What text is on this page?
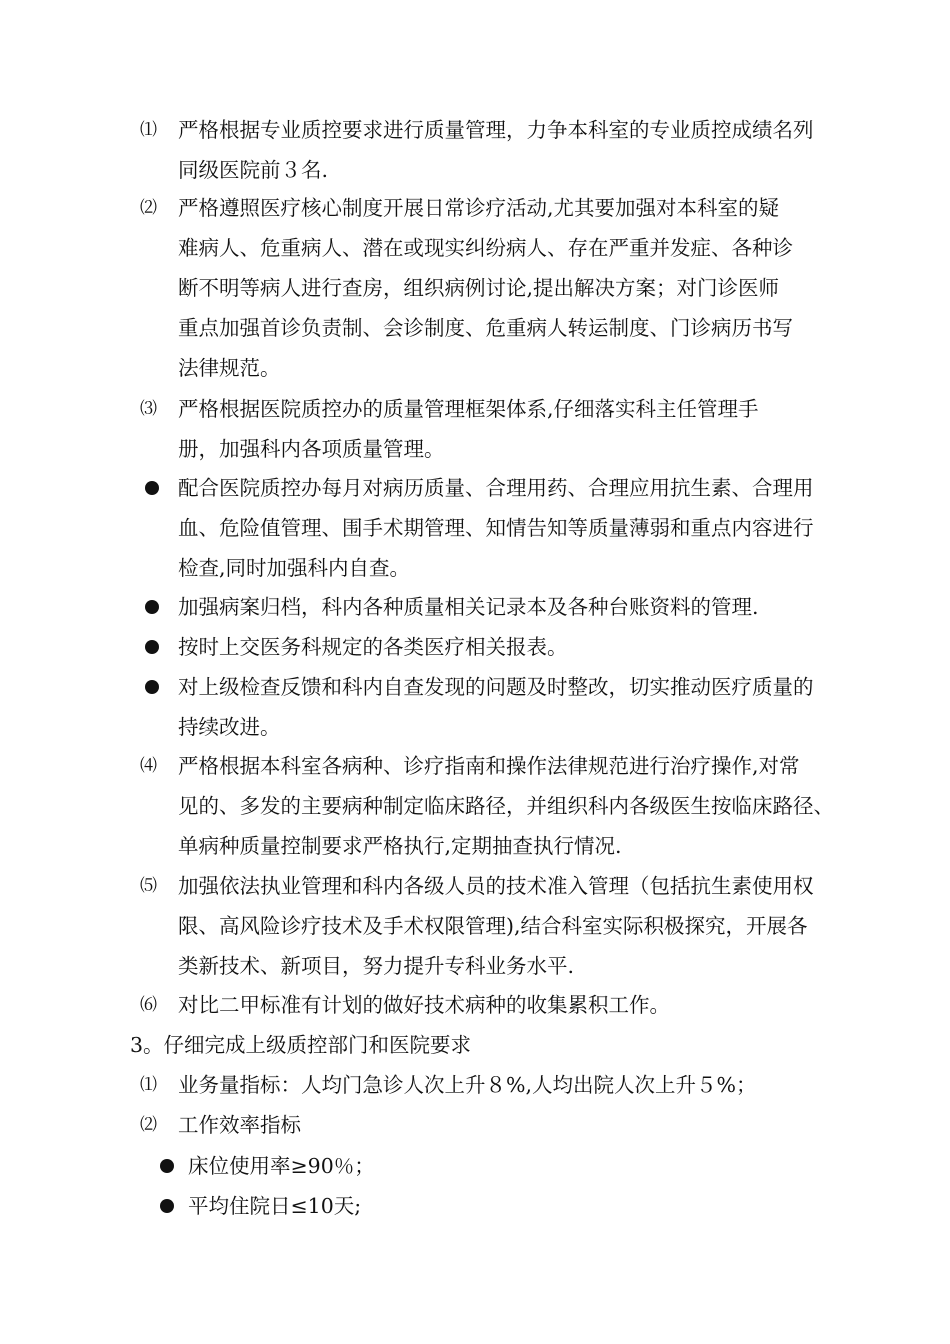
⑴	严格根据专业质控要求进行质量管理，力争本科室的专业质控成绩名列
同级医院前３名.
⑵	严格遵照医疗核心制度开展日常诊疗活动,尤其要加强对本科室的疑
难病人、危重病人、潜在或现实纠纷病人、存在严重并发症、各种诊
断不明等病人进行查房，组织病例讨论,提出解决方案；对门诊医师
重点加强首诊负责制、会诊制度、危重病人转运制度、门诊病历书写
法律规范。
⑶	严格根据医院质控办的质量管理框架体系,仔细落实科主任管理手
册，加强科内各项质量管理。
配合医院质控办每月对病历质量、合理用药、合理应用抗生素、合理用
血、危险值管理、围手术期管理、知情告知等质量薄弱和重点内容进行
检查,同时加强科内自查。
加强病案归档，科内各种质量相关记录本及各种台账资料的管理.
按时上交医务科规定的各类医疗相关报表。
对上级检查反馈和科内自查发现的问题及时整改，切实推动医疗质量的
持续改进。
⑷	严格根据本科室各病种、诊疗指南和操作法律规范进行治疗操作,对常
见的、多发的主要病种制定临床路径，并组织科内各级医生按临床路径、
单病种质量控制要求严格执行,定期抽查执行情况.
⑸	加强依法执业管理和科内各级人员的技术准入管理（包括抗生素使用权
限、高风险诊疗技术及手术权限管理),结合科室实际积极探究，开展各
类新技术、新项目，努力提升专科业务水平.
⑹	对比二甲标准有计划的做好技术病种的收集累积工作。
3。仔细完成上级质控部门和医院要求
⑴	业务量指标：人均门急诊人次上升８%,人均出院人次上升５%；
⑵	工作效率指标
床位使用率≥90％；
平均住院日≤10天;
